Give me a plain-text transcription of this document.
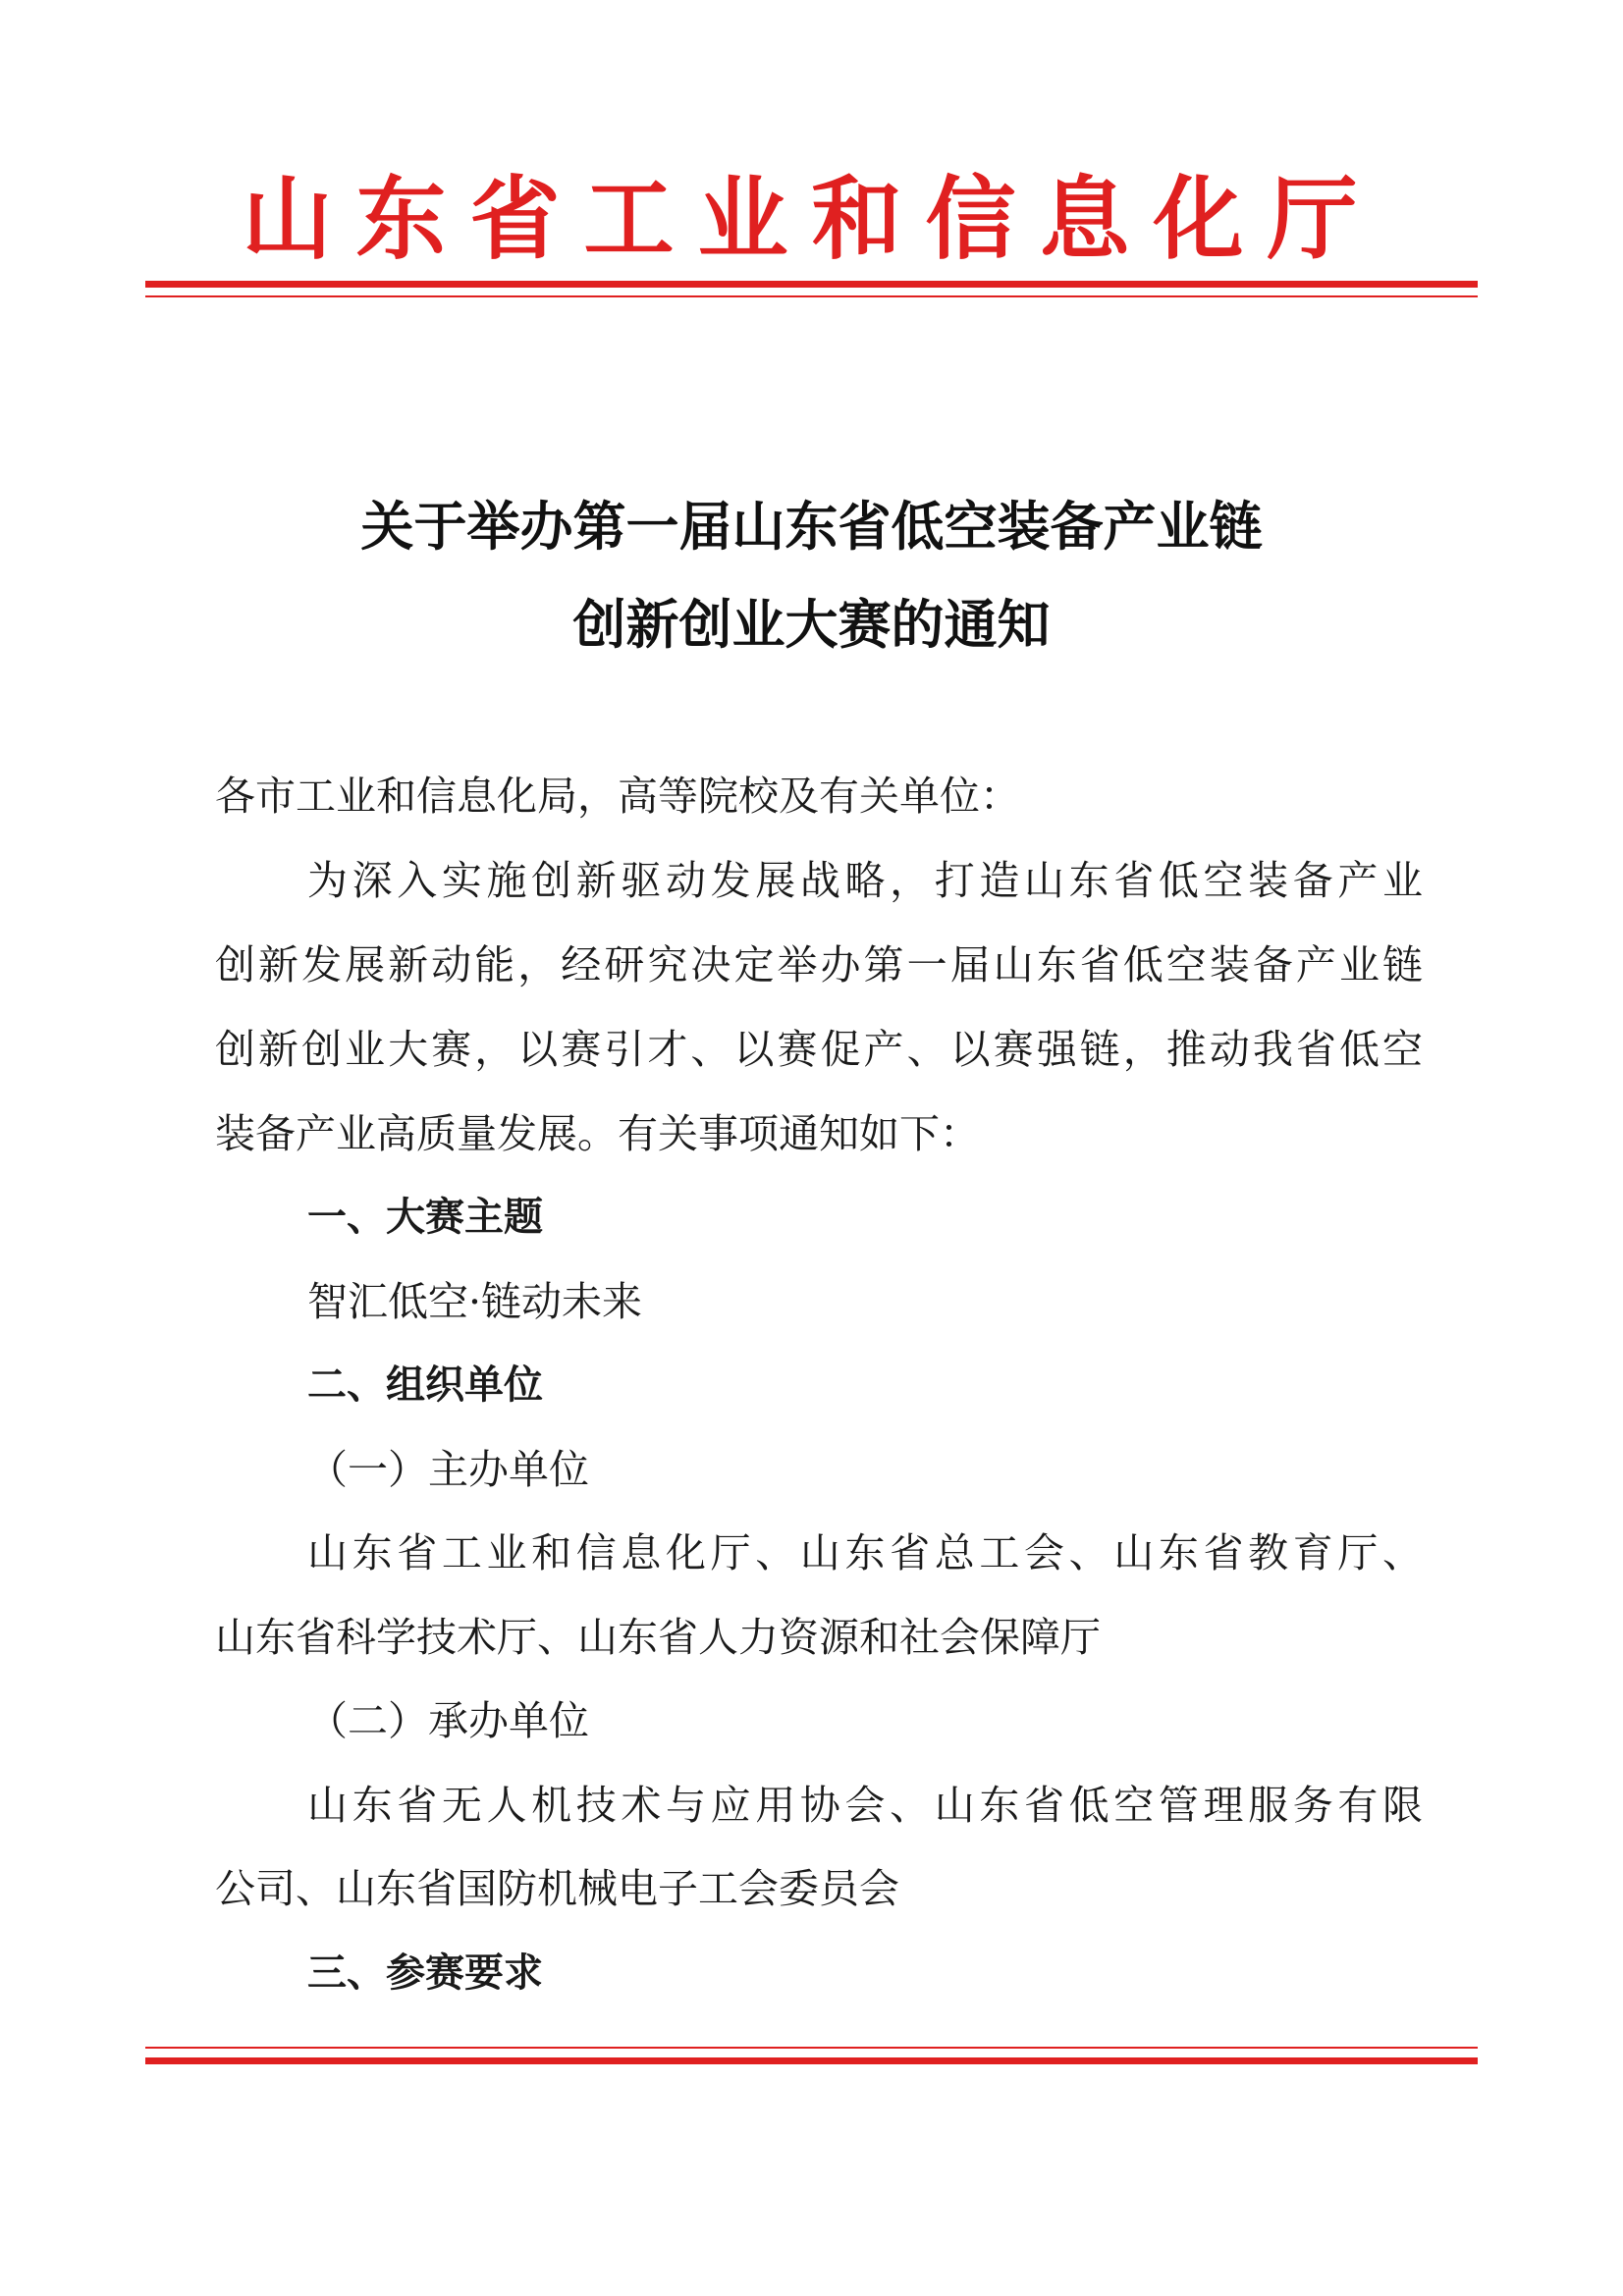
山东省工业和信息化厅
关于举办第一届山东省低空装备产业链
创新创业大赛的通知
各市工业和信息化局，高等院校及有关单位：
为深入实施创新驱动发展战略，打造山东省低空装备产业
创新发展新动能，经研究决定举办第一届山东省低空装备产业链
创新创业大赛，以赛引才、以赛促产、以赛强链，推动我省低空
装备产业高质量发展。有关事项通知如下：
一、大赛主题
智汇低空·链动未来
二、组织单位
（一）主办单位
山东省工业和信息化厅、山东省总工会、山东省教育厅、
山东省科学技术厅、山东省人力资源和社会保障厅
（二）承办单位
山东省无人机技术与应用协会、山东省低空管理服务有限
公司、山东省国防机械电子工会委员会
三、参赛要求
